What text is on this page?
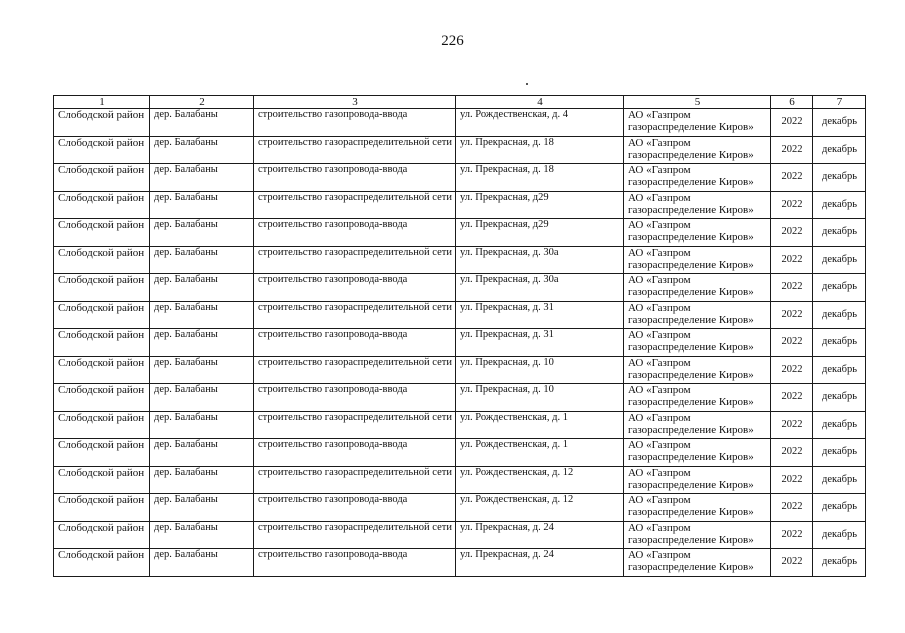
226
1	2	3	4	5	6	7
Слободской район	дер. Балабаны	строительство газопровода-ввода	ул. Рождественская, д. 4	АО «Газпром газораспределение Киров»	2022	декабрь
Слободской район	дер. Балабаны	строительство газораспределительной сети	ул. Прекрасная, д. 18	АО «Газпром газораспределение Киров»	2022	декабрь
Слободской район	дер. Балабаны	строительство газопровода-ввода	ул. Прекрасная, д. 18	АО «Газпром газораспределение Киров»	2022	декабрь
Слободской район	дер. Балабаны	строительство газораспределительной сети	ул. Прекрасная, д29	АО «Газпром газораспределение Киров»	2022	декабрь
Слободской район	дер. Балабаны	строительство газопровода-ввода	ул. Прекрасная, д29	АО «Газпром газораспределение Киров»	2022	декабрь
Слободской район	дер. Балабаны	строительство газораспределительной сети	ул. Прекрасная, д. 30а	АО «Газпром газораспределение Киров»	2022	декабрь
Слободской район	дер. Балабаны	строительство газопровода-ввода	ул. Прекрасная, д. 30а	АО «Газпром газораспределение Киров»	2022	декабрь
Слободской район	дер. Балабаны	строительство газораспределительной сети	ул. Прекрасная, д. 31	АО «Газпром газораспределение Киров»	2022	декабрь
Слободской район	дер. Балабаны	строительство газопровода-ввода	ул. Прекрасная, д. 31	АО «Газпром газораспределение Киров»	2022	декабрь
Слободской район	дер. Балабаны	строительство газораспределительной сети	ул. Прекрасная, д. 10	АО «Газпром газораспределение Киров»	2022	декабрь
Слободской район	дер. Балабаны	строительство газопровода-ввода	ул. Прекрасная, д. 10	АО «Газпром газораспределение Киров»	2022	декабрь
Слободской район	дер. Балабаны	строительство газораспределительной сети	ул. Рождественская, д. 1	АО «Газпром газораспределение Киров»	2022	декабрь
Слободской район	дер. Балабаны	строительство газопровода-ввода	ул. Рождественская, д. 1	АО «Газпром газораспределение Киров»	2022	декабрь
Слободской район	дер. Балабаны	строительство газораспределительной сети	ул. Рождественская, д. 12	АО «Газпром газораспределение Киров»	2022	декабрь
Слободской район	дер. Балабаны	строительство газопровода-ввода	ул. Рождественская, д. 12	АО «Газпром газораспределение Киров»	2022	декабрь
Слободской район	дер. Балабаны	строительство газораспределительной сети	ул. Прекрасная, д. 24	АО «Газпром газораспределение Киров»	2022	декабрь
Слободской район	дер. Балабаны	строительство газопровода-ввода	ул. Прекрасная, д. 24	АО «Газпром газораспределение Киров»	2022	декабрь
